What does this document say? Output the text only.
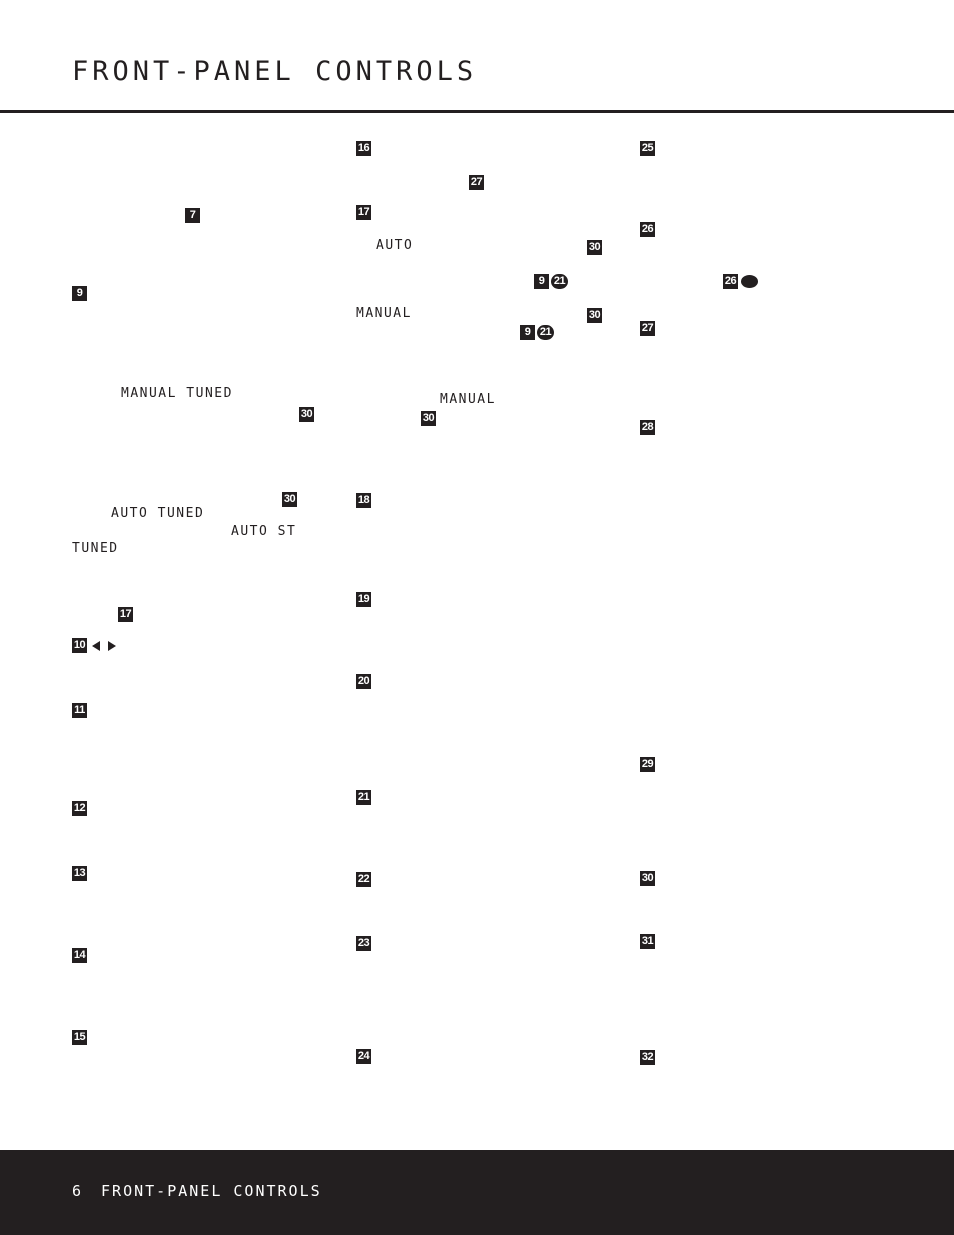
FRONT-PANEL CONTROLS
7
9
MANUAL TUNED
30
30
AUTO TUNED
AUTO ST
TUNED
17
10
11
12
13
14
15
16
27
17
AUTO	30
9 21
MANUAL	30
9 21
MANUAL
30
18
19
20
21
22
23
24
25
26
26
27
28
29
30
31
32
6 FRONT-PANEL CONTROLS
